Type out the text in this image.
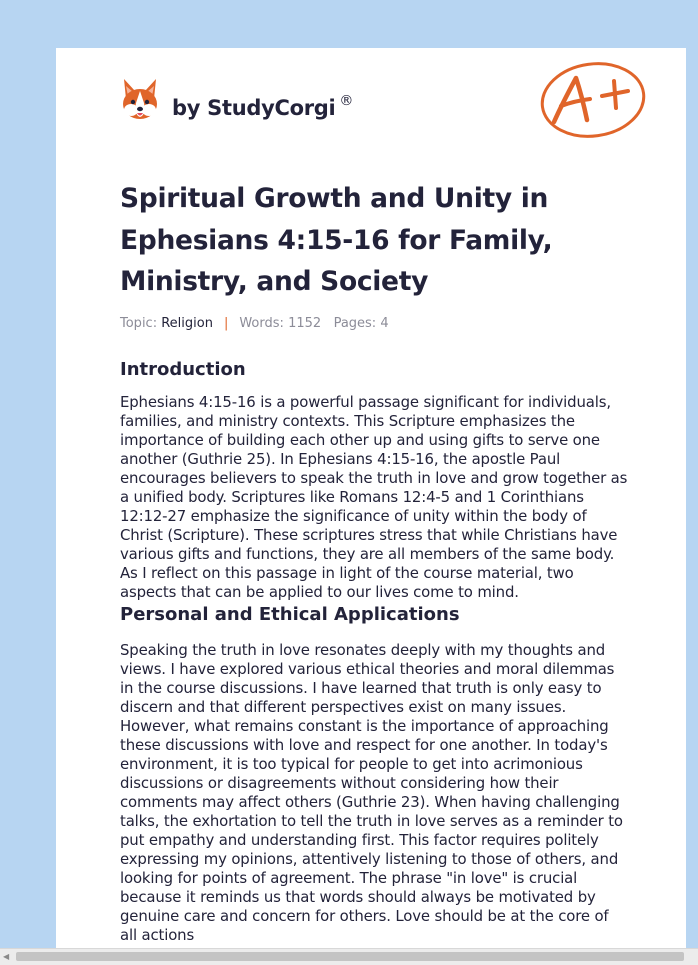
by StudyCorgi ®
A+
Spiritual Growth and Unity in Ephesians 4:15-16 for Family, Ministry, and Society
Topic: Religion | Words: 1152 Pages: 4
Introduction

Ephesians 4:15-16 is a powerful passage significant for individuals, families, and ministry contexts. This Scripture emphasizes the importance of building each other up and using gifts to serve one another (Guthrie 25). In Ephesians 4:15-16, the apostle Paul encourages believers to speak the truth in love and grow together as a unified body. Scriptures like Romans 12:4-5 and 1 Corinthians 12:12-27 emphasize the significance of unity within the body of Christ (Scripture). These scriptures stress that while Christians have various gifts and functions, they are all members of the same body. As I reflect on this passage in light of the course material, two aspects that can be applied to our lives come to mind.

Personal and Ethical Applications

Speaking the truth in love resonates deeply with my thoughts and views. I have explored various ethical theories and moral dilemmas in the course discussions. I have learned that truth is only easy to discern and that different perspectives exist on many issues. However, what remains constant is the importance of approaching these discussions with love and respect for one another. In today's environment, it is too typical for people to get into acrimonious discussions or disagreements without considering how their comments may affect others (Guthrie 23). When having challenging talks, the exhortation to tell the truth in love serves as a reminder to put empathy and understanding first. This factor requires politely expressing my opinions, attentively listening to those of others, and looking for points of agreement. The phrase "in love" is crucial because it reminds us that words should always be motivated by genuine care and concern for others. Love should be at the core of all actions

◀
